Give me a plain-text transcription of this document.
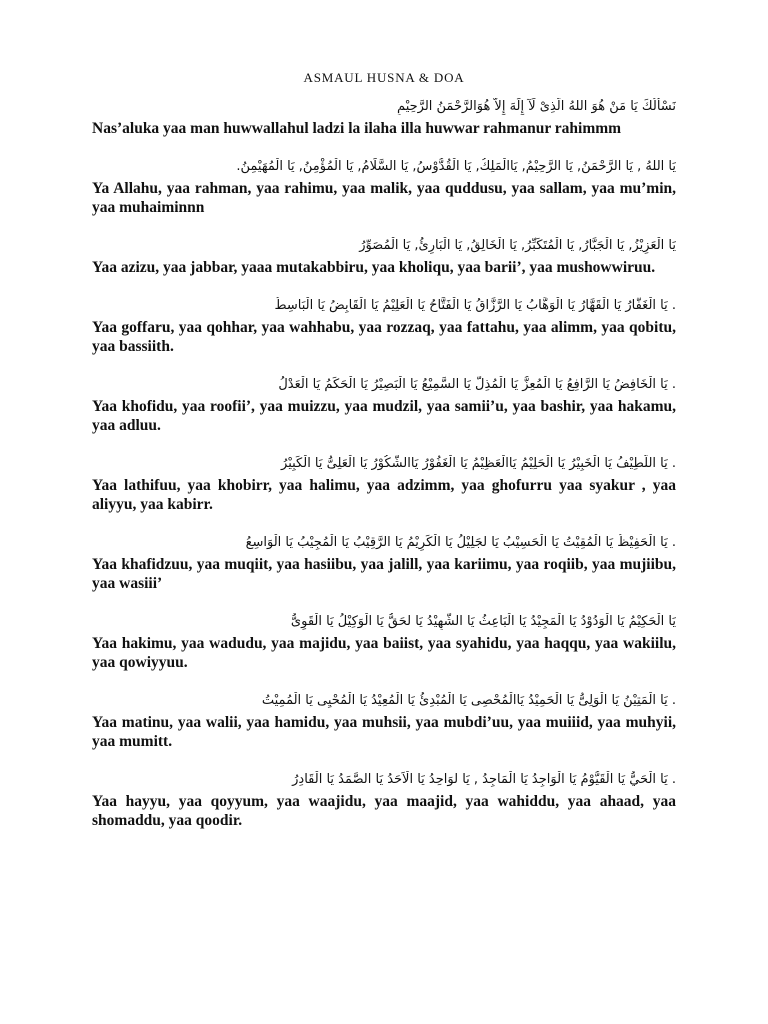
ASMAUL HUSNA & DOA

نَسْأَلُكَ يَا مَنْ هُوَ اللهُ الَّذِىْ لَآ إِلَهَ إِلاَّ هُوَالرَّحْمَنُ الرَّحِيْمِ

Nas’aluka yaa man huwwallahul ladzi la ilaha illa huwwar rahmanur rahimmm

يَا اللهُ , يَا الرَّحْمَنُ, يَا الرَّحِيْمُ, يَاالْمَلِكُ, يَا الْقُدُّوْسُ, يَا السَّلَامُ, يَا الْمُؤْمِنُ, يَا الْمُهَيْمِنُ.

Ya Allahu, yaa rahman, yaa rahimu, yaa malik, yaa quddusu, yaa sallam, yaa mu’min, yaa muhaiminnn

يَا الْعَزِيْزُ, يَا الْجَبَّارُ, يَا الْمُتَكَبِّرُ, يَا الْخَالِقُ, يَا الْبَارِئُ, يَا الْمُصَوِّرُ

Yaa azizu, yaa jabbar, yaaa mutakabbiru, yaa kholiqu, yaa barii’, yaa mushowwiruu.

. يَا الْغَفَّارُ يَا الْقَهَّارُ يَا الْوَهَّابُ يَا الرَّزَّاقُ يَا الْفَتَّاحُ يَا الْعَلِيْمُ يَا الْقَابِضُ يَا الْبَاسِطُ

Yaa goffaru, yaa qohhar, yaa wahhabu, yaa rozzaq, yaa fattahu, yaa alimm, yaa qobitu, yaa bassiith.

. يَا الْخَافِضُ يَا الرَّافِعُ يَا الْمُعِزُّ يَا الْمُذِلُّ يَا السَّمِيْعُ يَا الْبَصِيْرُ يَا الْحَكَمُ يَا الْعَدْلُ

Yaa khofidu, yaa roofii’, yaa muizzu, yaa mudzil, yaa samii’u, yaa bashir, yaa hakamu, yaa adluu.

. يَا اللَّطِيْفُ يَا الْخَبِيْرُ يَا الْحَلِيْمُ يَاالْعَظِيْمُ يَا الْغَفُوْرُ يَاالشَّكُوْرُ يَا الْعَلِىُّ يَا الْكَبِيْرُ

Yaa lathifuu, yaa khobirr, yaa halimu, yaa adzimm, yaa ghofurru yaa syakur , yaa aliyyu, yaa kabirr.

. يَا الْحَفِيْظُ يَا الْمُقِيْتُ يَا الْحَسِيْبُ يَا لجَلِيْلُ يَا الْكَرِيْمُ يَا الرَّقِيْبُ يَا الْمُجِيْبُ يَا الْوَاسِعُ

Yaa khafidzuu, yaa muqiit, yaa hasiibu, yaa jalill, yaa kariimu, yaa roqiib, yaa mujiibu, yaa wasiii’

يَا الْحَكِيْمُ يَا الْوَدُوْدُ يَا الْمَجِيْدُ يَا الْبَاعِثُ يَا الشَّهِيْدُ يَا لحَقُّ يَا الْوَكِيْلُ يَا الْقَوِىُّ

Yaa hakimu, yaa wadudu, yaa majidu, yaa baiist, yaa syahidu, yaa haqqu, yaa wakiilu, yaa qowiyyuu.

. يَا الْمَتِيْنُ يَا الْوَلِىُّ يَا الْحَمِيْدُ يَاالْمُحْصِى يَا الْمُبْدِئُ يَا الْمُعِيْدُ يَا الْمُحْيِى يَا الْمُمِيْتُ

Yaa matinu, yaa walii, yaa hamidu, yaa muhsii, yaa mubdi’uu, yaa muiiid, yaa muhyii, yaa mumitt.

. يَا الْحَيُّ يَا الْقَيُّوْمُ يَا الْوَاجِدُ يَا الْمَاجِدُ , يَا لوَاحِدُ يَا الْاَحَدُ يَا الصَّمَدُ يَا الْقَادِرُ

Yaa hayyu, yaa qoyyum, yaa waajidu, yaa maajid, yaa wahiddu, yaa ahaad, yaa shomaddu, yaa qoodir.
